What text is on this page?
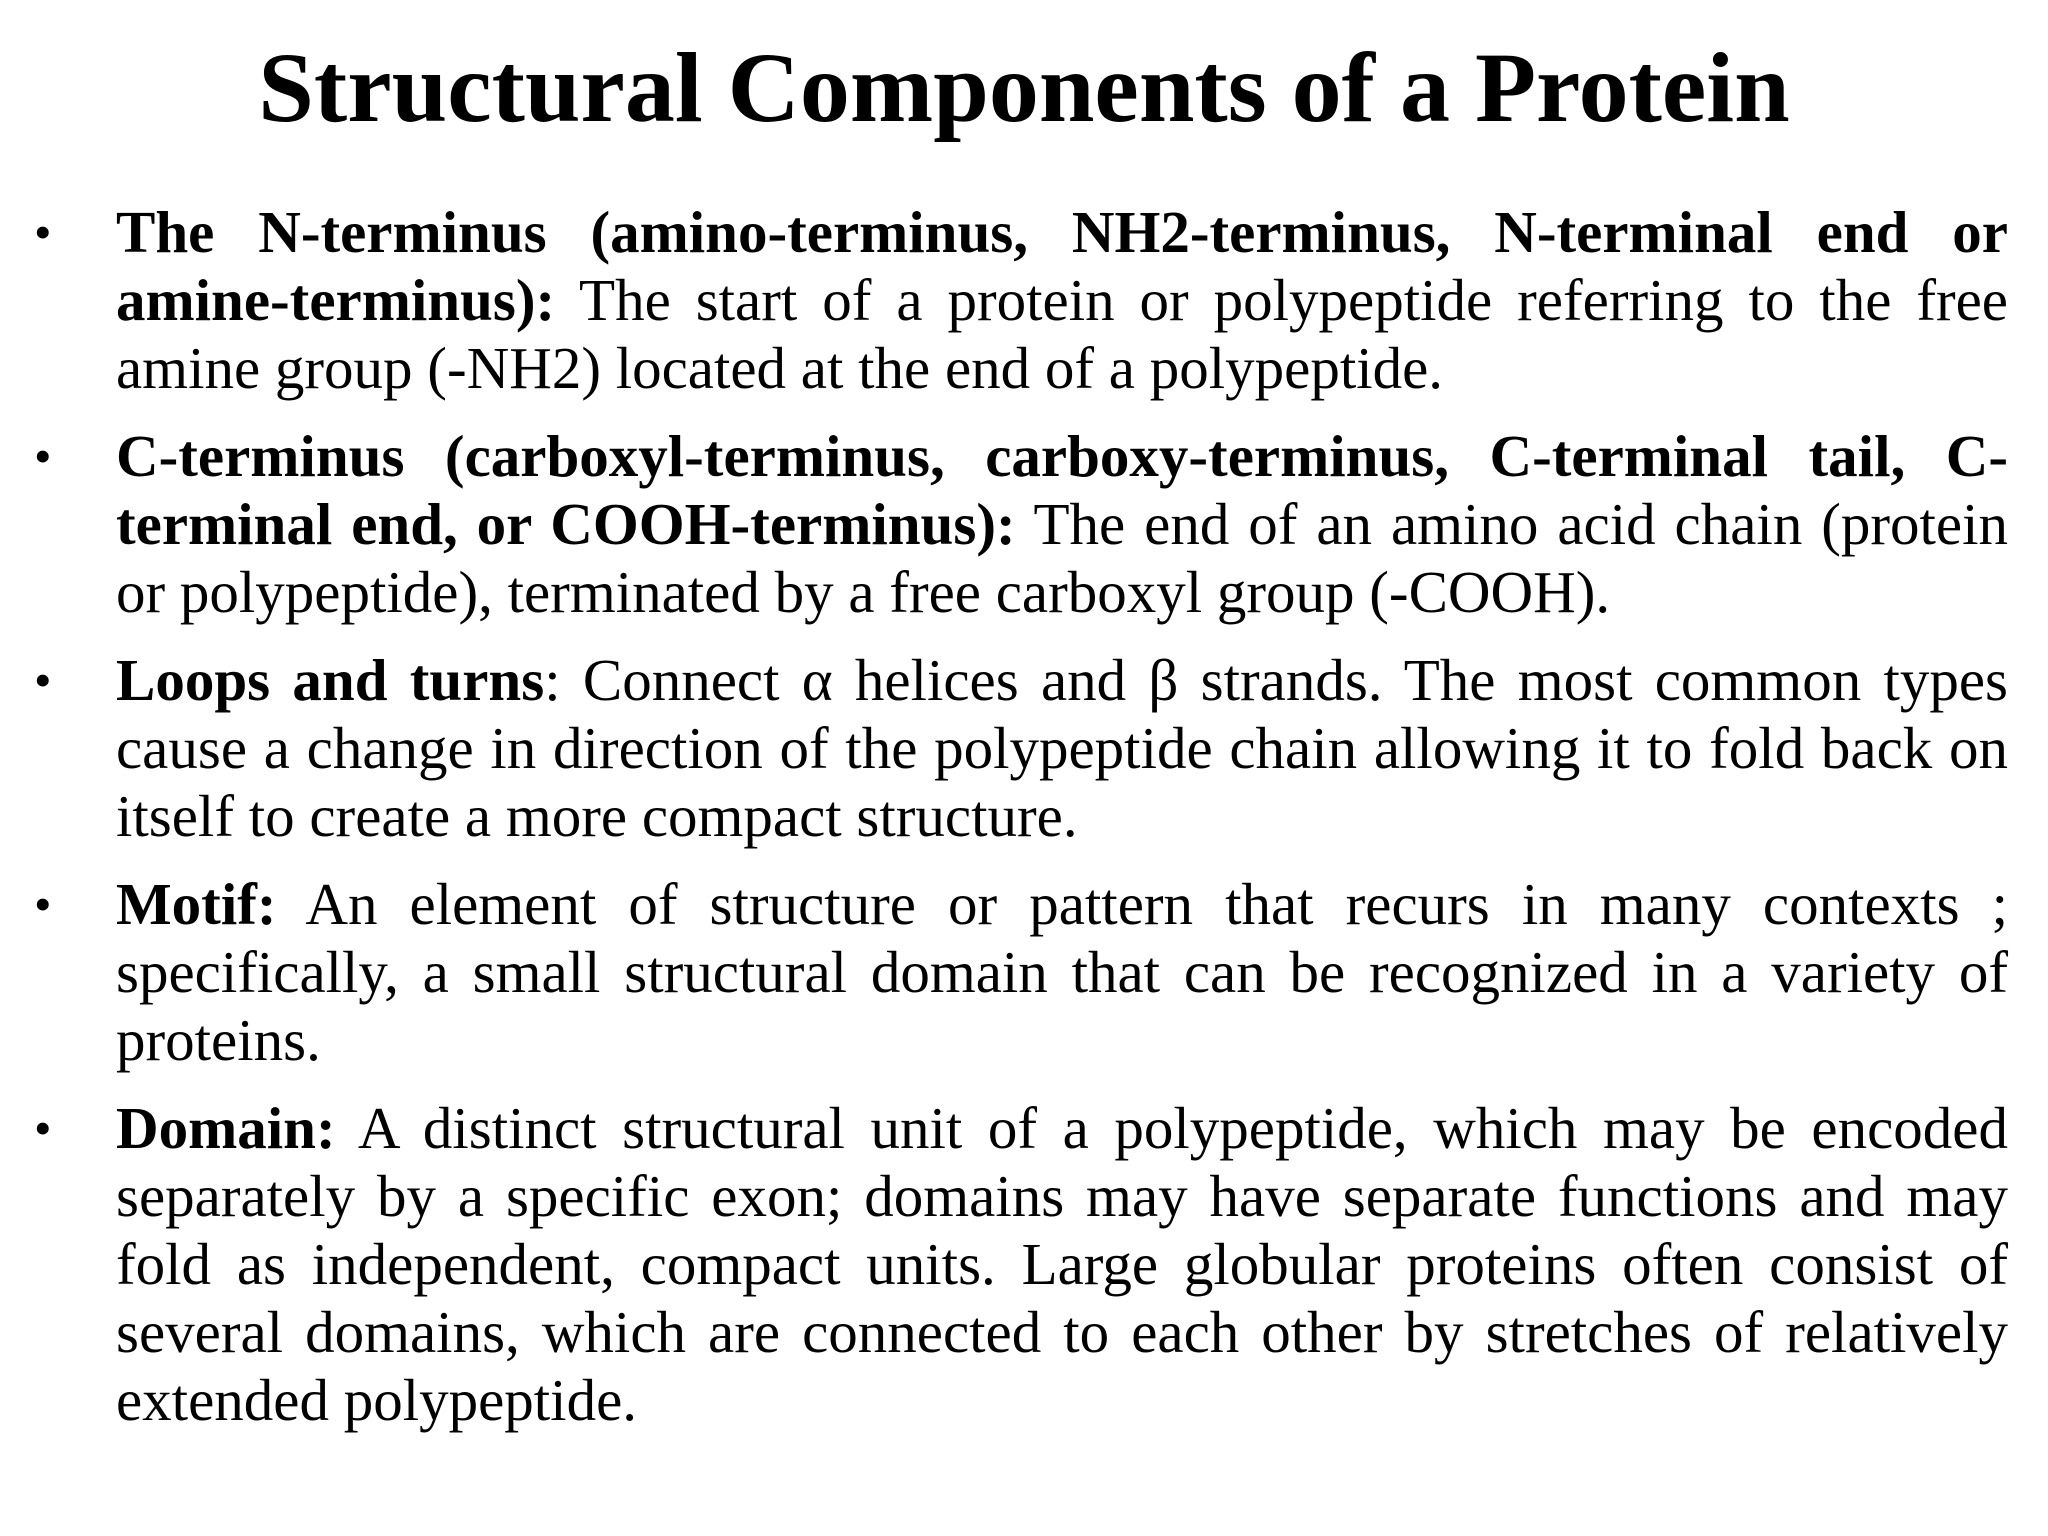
Structural Components of a Protein
• The N-terminus (amino-terminus, NH2-terminus, N-terminal end or amine-terminus): The start of a protein or polypeptide referring to the free amine group (-NH2) located at the end of a polypeptide.
• C-terminus (carboxyl-terminus, carboxy-terminus, C-terminal tail, C-terminal end, or COOH-terminus): The end of an amino acid chain (protein or polypeptide), terminated by a free carboxyl group (-COOH).
• Loops and turns: Connect α helices and β strands. The most common types cause a change in direction of the polypeptide chain allowing it to fold back on itself to create a more compact structure.
• Motif: An element of structure or pattern that recurs in many contexts ; specifically, a small structural domain that can be recognized in a variety of proteins.
• Domain: A distinct structural unit of a polypeptide, which may be encoded separately by a specific exon; domains may have separate functions and may fold as independent, compact units. Large globular proteins often consist of several domains, which are connected to each other by stretches of relatively extended polypeptide.
